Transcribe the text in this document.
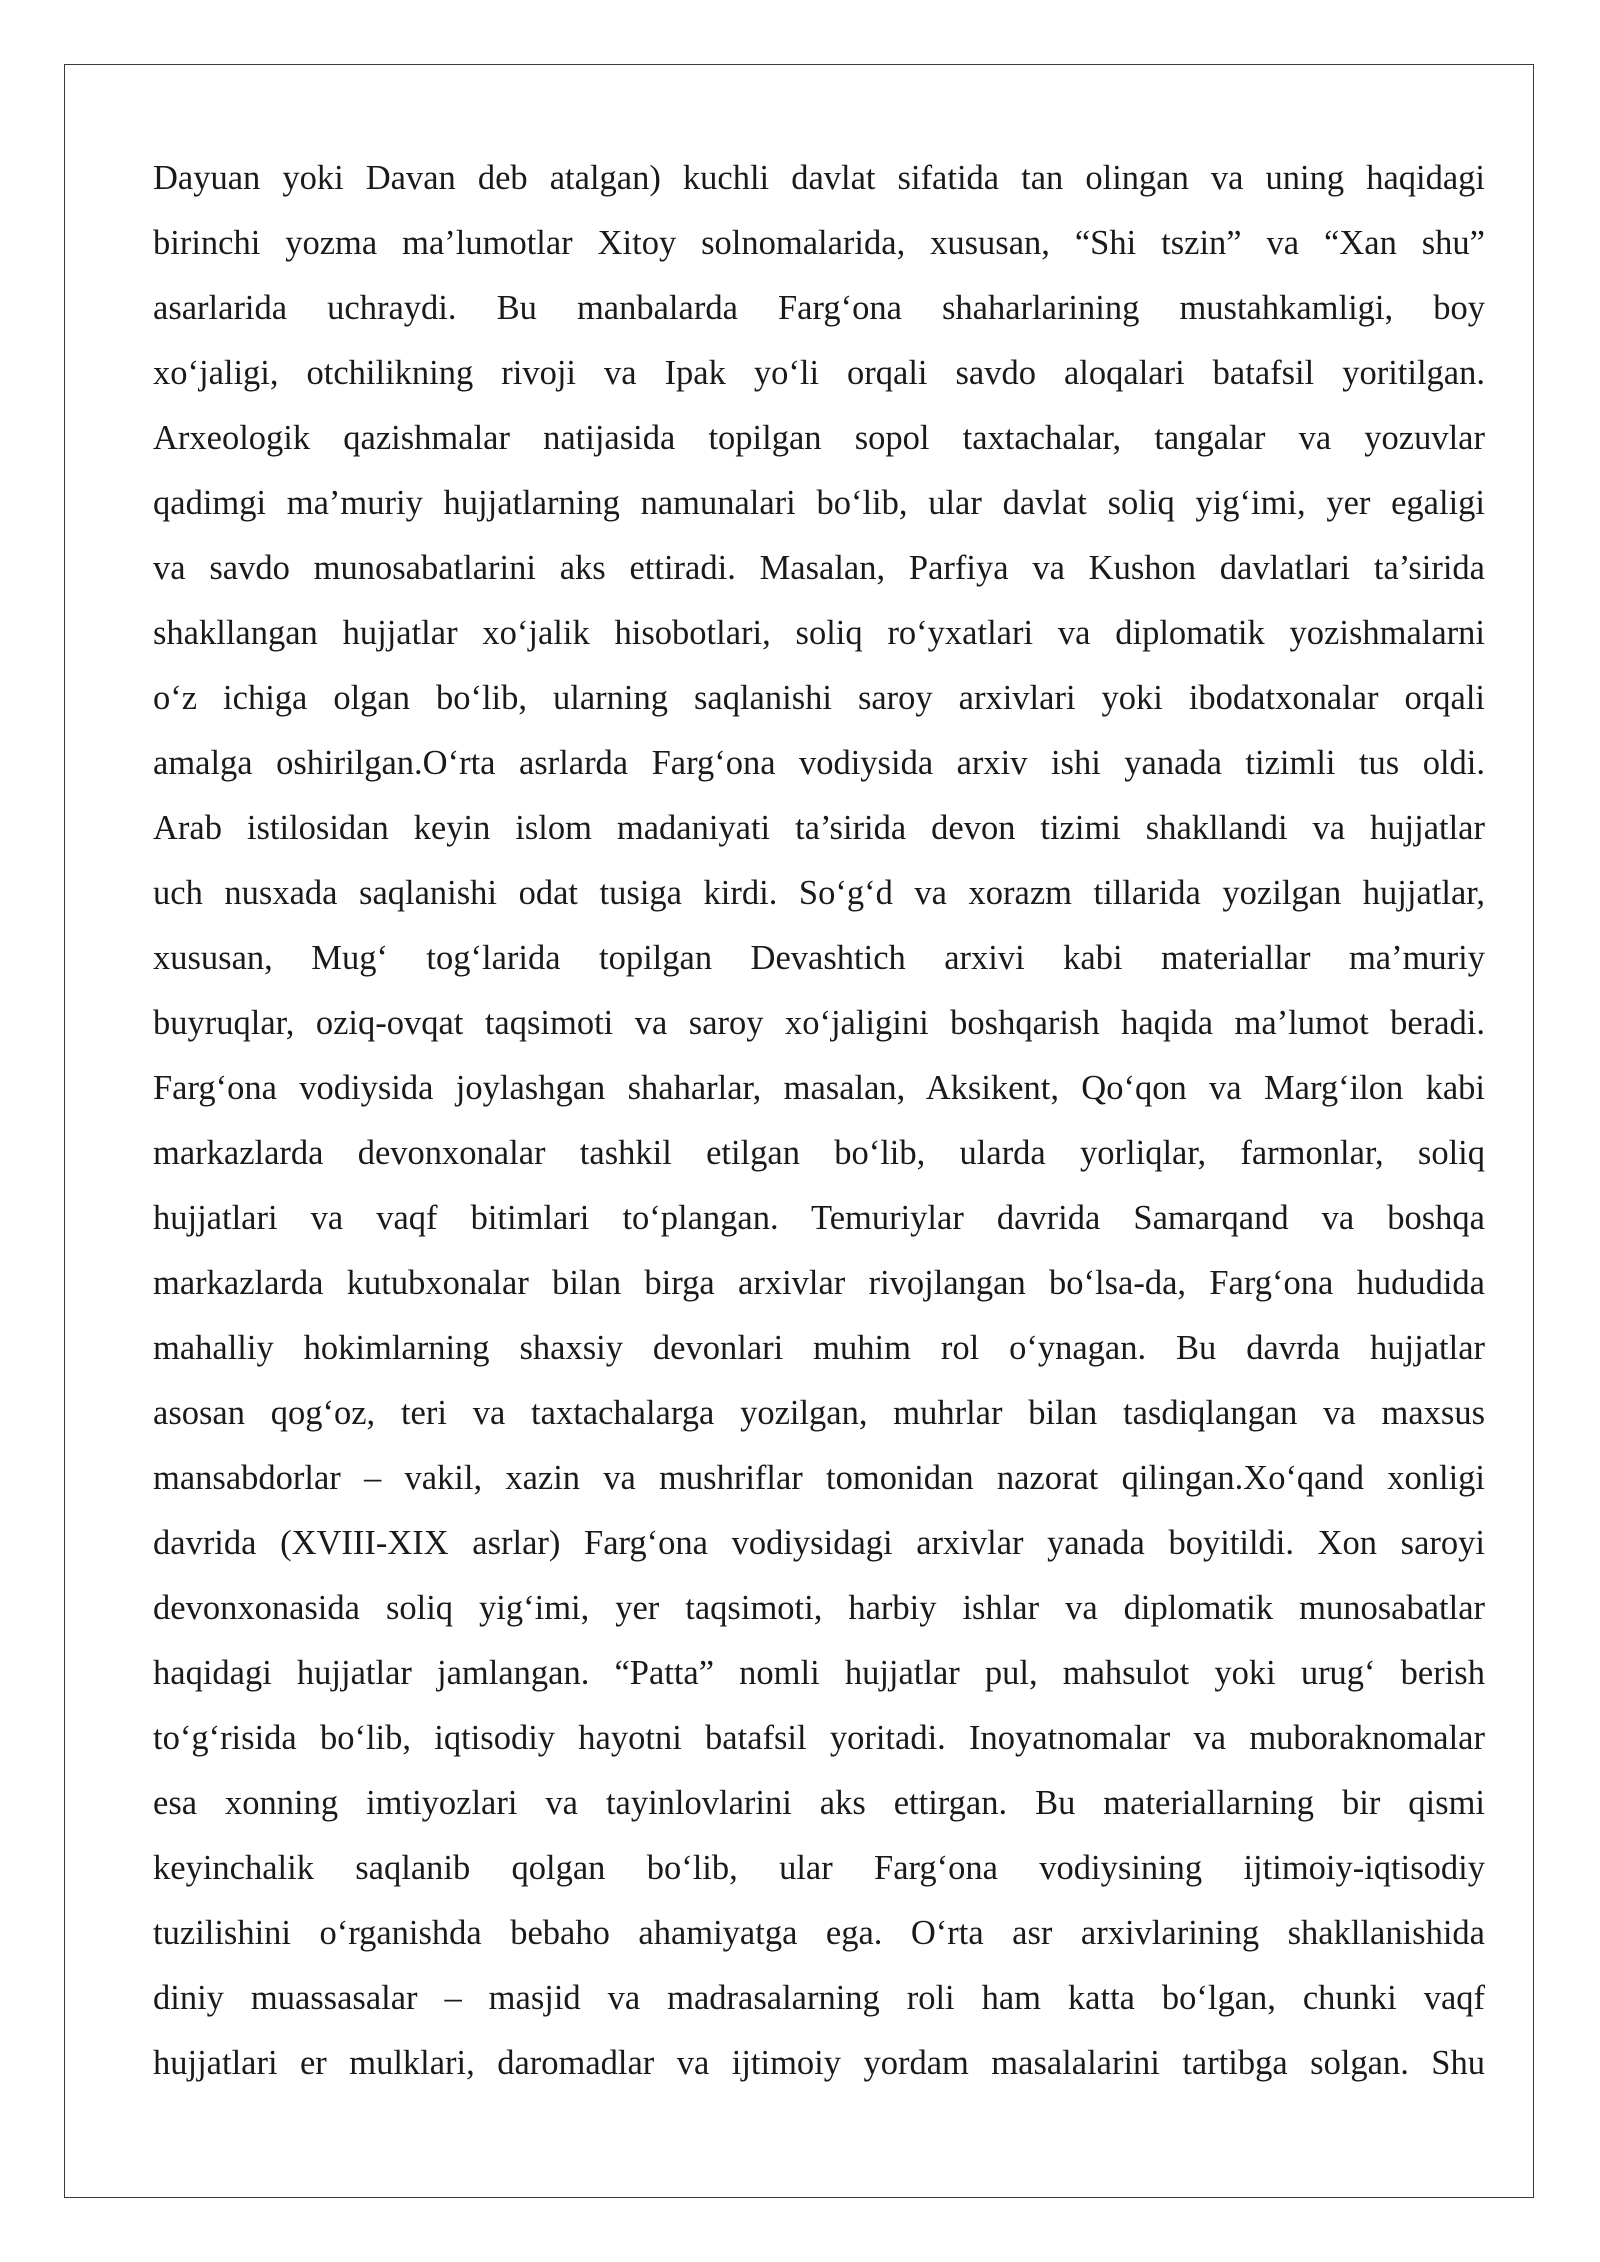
Dayuan yoki Davan deb atalgan) kuchli davlat sifatida tan olingan va uning haqidagi
birinchi yozma ma’lumotlar Xitoy solnomalarida, xususan, “Shi tszin” va “Xan shu”
asarlarida uchraydi. Bu manbalarda Farg‘ona shaharlarining mustahkamligi, boy
xo‘jaligi, otchilikning rivoji va Ipak yo‘li orqali savdo aloqalari batafsil yoritilgan.
Arxeologik qazishmalar natijasida topilgan sopol taxtachalar, tangalar va yozuvlar
qadimgi ma’muriy hujjatlarning namunalari bo‘lib, ular davlat soliq yig‘imi, yer egaligi
va savdo munosabatlarini aks ettiradi. Masalan, Parfiya va Kushon davlatlari ta’sirida
shakllangan hujjatlar xo‘jalik hisobotlari, soliq ro‘yxatlari va diplomatik yozishmalarni
o‘z ichiga olgan bo‘lib, ularning saqlanishi saroy arxivlari yoki ibodatxonalar orqali
amalga oshirilgan.O‘rta asrlarda Farg‘ona vodiysida arxiv ishi yanada tizimli tus oldi.
Arab istilosidan keyin islom madaniyati ta’sirida devon tizimi shakllandi va hujjatlar
uch nusxada saqlanishi odat tusiga kirdi. So‘g‘d va xorazm tillarida yozilgan hujjatlar,
xususan, Mug‘ tog‘larida topilgan Devashtich arxivi kabi materiallar ma’muriy
buyruqlar, oziq-ovqat taqsimoti va saroy xo‘jaligini boshqarish haqida ma’lumot beradi.
Farg‘ona vodiysida joylashgan shaharlar, masalan, Aksikent, Qo‘qon va Marg‘ilon kabi
markazlarda devonxonalar tashkil etilgan bo‘lib, ularda yorliqlar, farmonlar, soliq
hujjatlari va vaqf bitimlari to‘plangan. Temuriylar davrida Samarqand va boshqa
markazlarda kutubxonalar bilan birga arxivlar rivojlangan bo‘lsa-da, Farg‘ona hududida
mahalliy hokimlarning shaxsiy devonlari muhim rol o‘ynagan. Bu davrda hujjatlar
asosan qog‘oz, teri va taxtachalarga yozilgan, muhrlar bilan tasdiqlangan va maxsus
mansabdorlar – vakil, xazin va mushriflar tomonidan nazorat qilingan.Xo‘qand xonligi
davrida (XVIII-XIX asrlar) Farg‘ona vodiysidagi arxivlar yanada boyitildi. Xon saroyi
devonxonasida soliq yig‘imi, yer taqsimoti, harbiy ishlar va diplomatik munosabatlar
haqidagi hujjatlar jamlangan. “Patta” nomli hujjatlar pul, mahsulot yoki urug‘ berish
to‘g‘risida bo‘lib, iqtisodiy hayotni batafsil yoritadi. Inoyatnomalar va muboraknomalar
esa xonning imtiyozlari va tayinlovlarini aks ettirgan. Bu materiallarning bir qismi
keyinchalik saqlanib qolgan bo‘lib, ular Farg‘ona vodiysining ijtimoiy-iqtisodiy
tuzilishini o‘rganishda bebaho ahamiyatga ega. O‘rta asr arxivlarining shakllanishida
diniy muassasalar – masjid va madrasalarning roli ham katta bo‘lgan, chunki vaqf
hujjatlari er mulklari, daromadlar va ijtimoiy yordam masalalarini tartibga solgan. Shu
